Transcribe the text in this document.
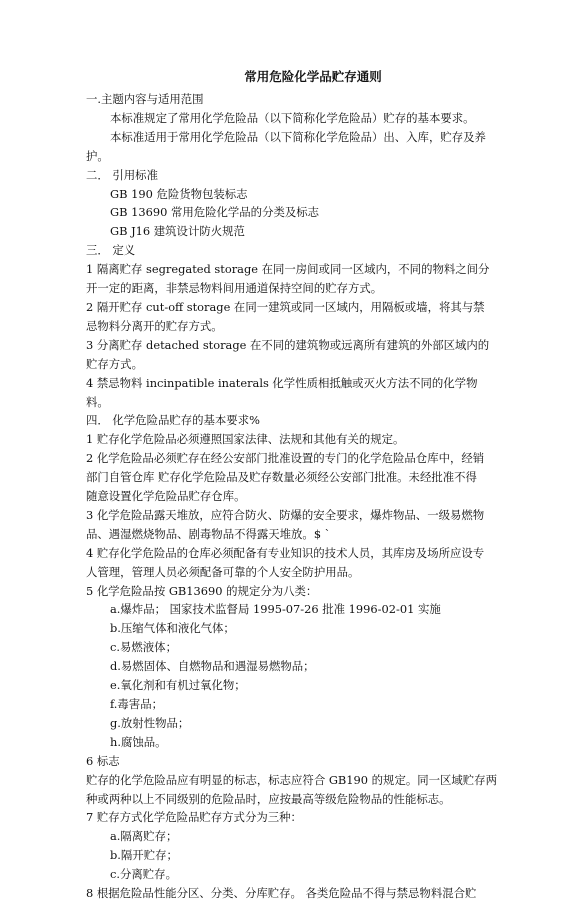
常用危险化学品贮存通则
一.主题内容与适用范围
本标准规定了常用化学危险品（以下简称化学危险品）贮存的基本要求。
本标准适用于常用化学危险品（以下简称化学危险品）出、入库，贮存及养
护。
二． 引用标准
GB 190 危险货物包装标志
GB 13690 常用危险化学品的分类及标志
GB J16 建筑设计防火规范
三． 定义
1 隔离贮存 segregated storage 在同一房间或同一区域内，不同的物料之间分
开一定的距离，非禁忌物料间用通道保持空间的贮存方式。
2 隔开贮存 cut-off storage 在同一建筑或同一区域内，用隔板或墙，将其与禁
忌物料分离开的贮存方式。
3 分离贮存 detached storage 在不同的建筑物或远离所有建筑的外部区域内的
贮存方式。
4 禁忌物料 incinpatible inaterals 化学性质相抵触或灭火方法不同的化学物
料。
四． 化学危险品贮存的基本要求%
1 贮存化学危险品必须遵照国家法律、法规和其他有关的规定。
2 化学危险品必须贮存在经公安部门批准设置的专门的化学危险品仓库中，经销
部门自管仓库 贮存化学危险品及贮存数量必须经公安部门批准。未经批准不得
随意设置化学危险品贮存仓库。
3 化学危险品露天堆放，应符合防火、防爆的安全要求，爆炸物品、一级易燃物
品、遇湿燃烧物品、剧毒物品不得露天堆放。$ `
4 贮存化学危险品的仓库必须配备有专业知识的技术人员，其库房及场所应设专
人管理，管理人员必须配备可靠的个人安全防护用品。
5 化学危险品按 GB13690 的规定分为八类：
a.爆炸品； 国家技术监督局 1995-07-26 批准 1996-02-01 实施
b.压缩气体和液化气体；
c.易燃液体；
d.易燃固体、自燃物品和遇湿易燃物品；
e.氧化剂和有机过氧化物；
f.毒害品；
g.放射性物品；
h.腐蚀品。
6 标志
贮存的化学危险品应有明显的标志，标志应符合 GB190 的规定。同一区域贮存两
种或两种以上不同级别的危险品时，应按最高等级危险物品的性能标志。
7 贮存方式化学危险品贮存方式分为三种：
a.隔离贮存；
b.隔开贮存；
c.分离贮存。
8 根据危险品性能分区、分类、分库贮存。 各类危险品不得与禁忌物料混合贮
